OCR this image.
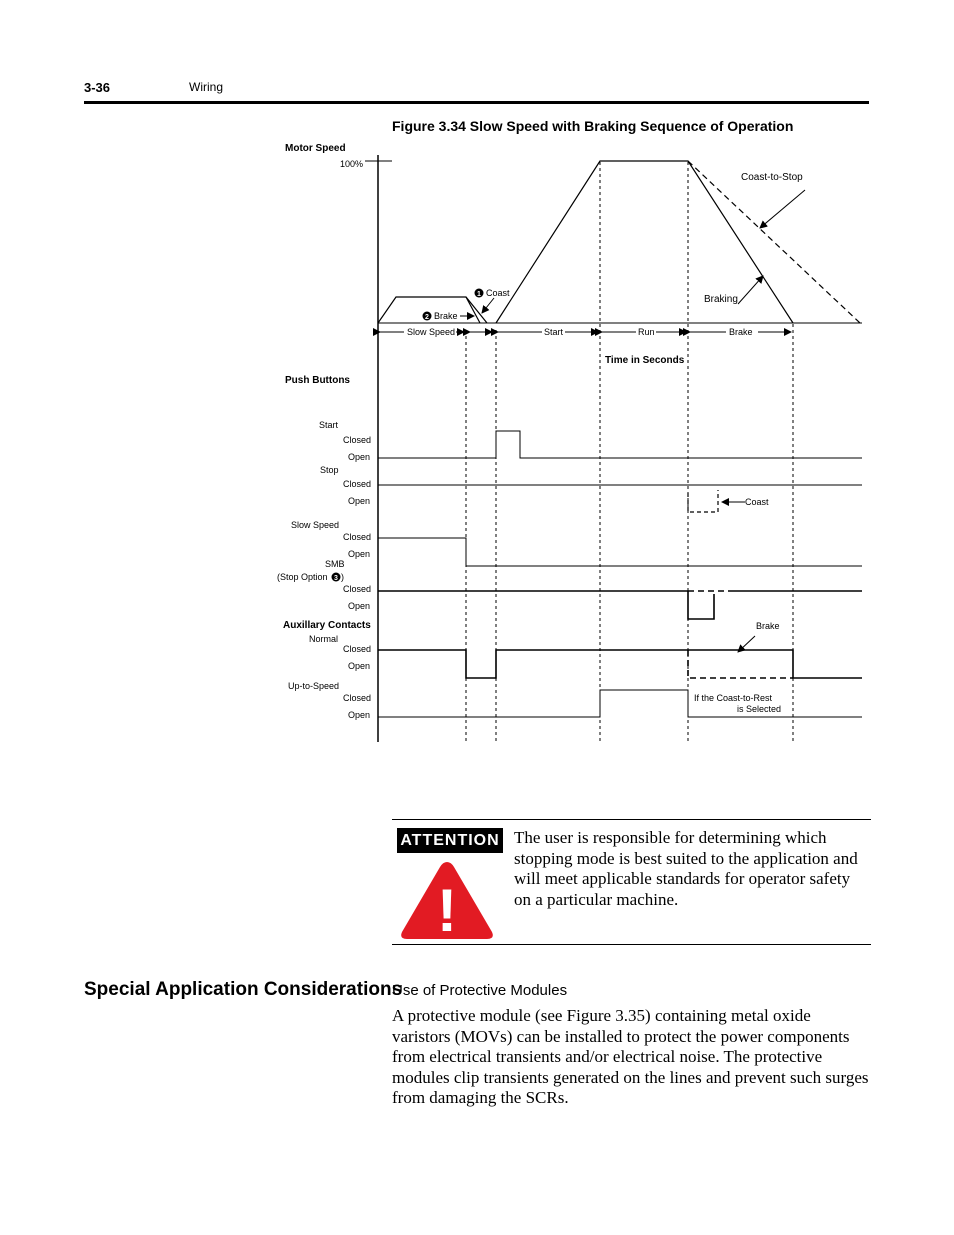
3-36	Wiring
Figure 3.34 Slow Speed with Braking Sequence of Operation
1
2
3
Motor Speed
100%
Coast-to-Stop
Braking
Coast
Brake
Slow Speed	Start	Run	Brake
Time in Seconds
Push Buttons
Start
Closed
Open
Stop
Closed
Open	Coast
Slow Speed
Closed
Open
SMB
(Stop Option )
Closed
Open
Auxillary Contacts
Normal
Closed
Open
Brake
Up-to-Speed
Closed
Open
If the Coast-to-Rest
is Selected
ATTENTION
!
The user is responsible for determining which stopping mode is best suited to the application and will meet applicable standards for operator safety on a particular machine.
Special Application Considerations
Use of Protective Modules
A protective module (see Figure 3.35) containing metal oxide varistors (MOVs) can be installed to protect the power components from electrical transients and/or electrical noise. The protective modules clip transients generated on the lines and prevent such surges from damaging the SCRs.
